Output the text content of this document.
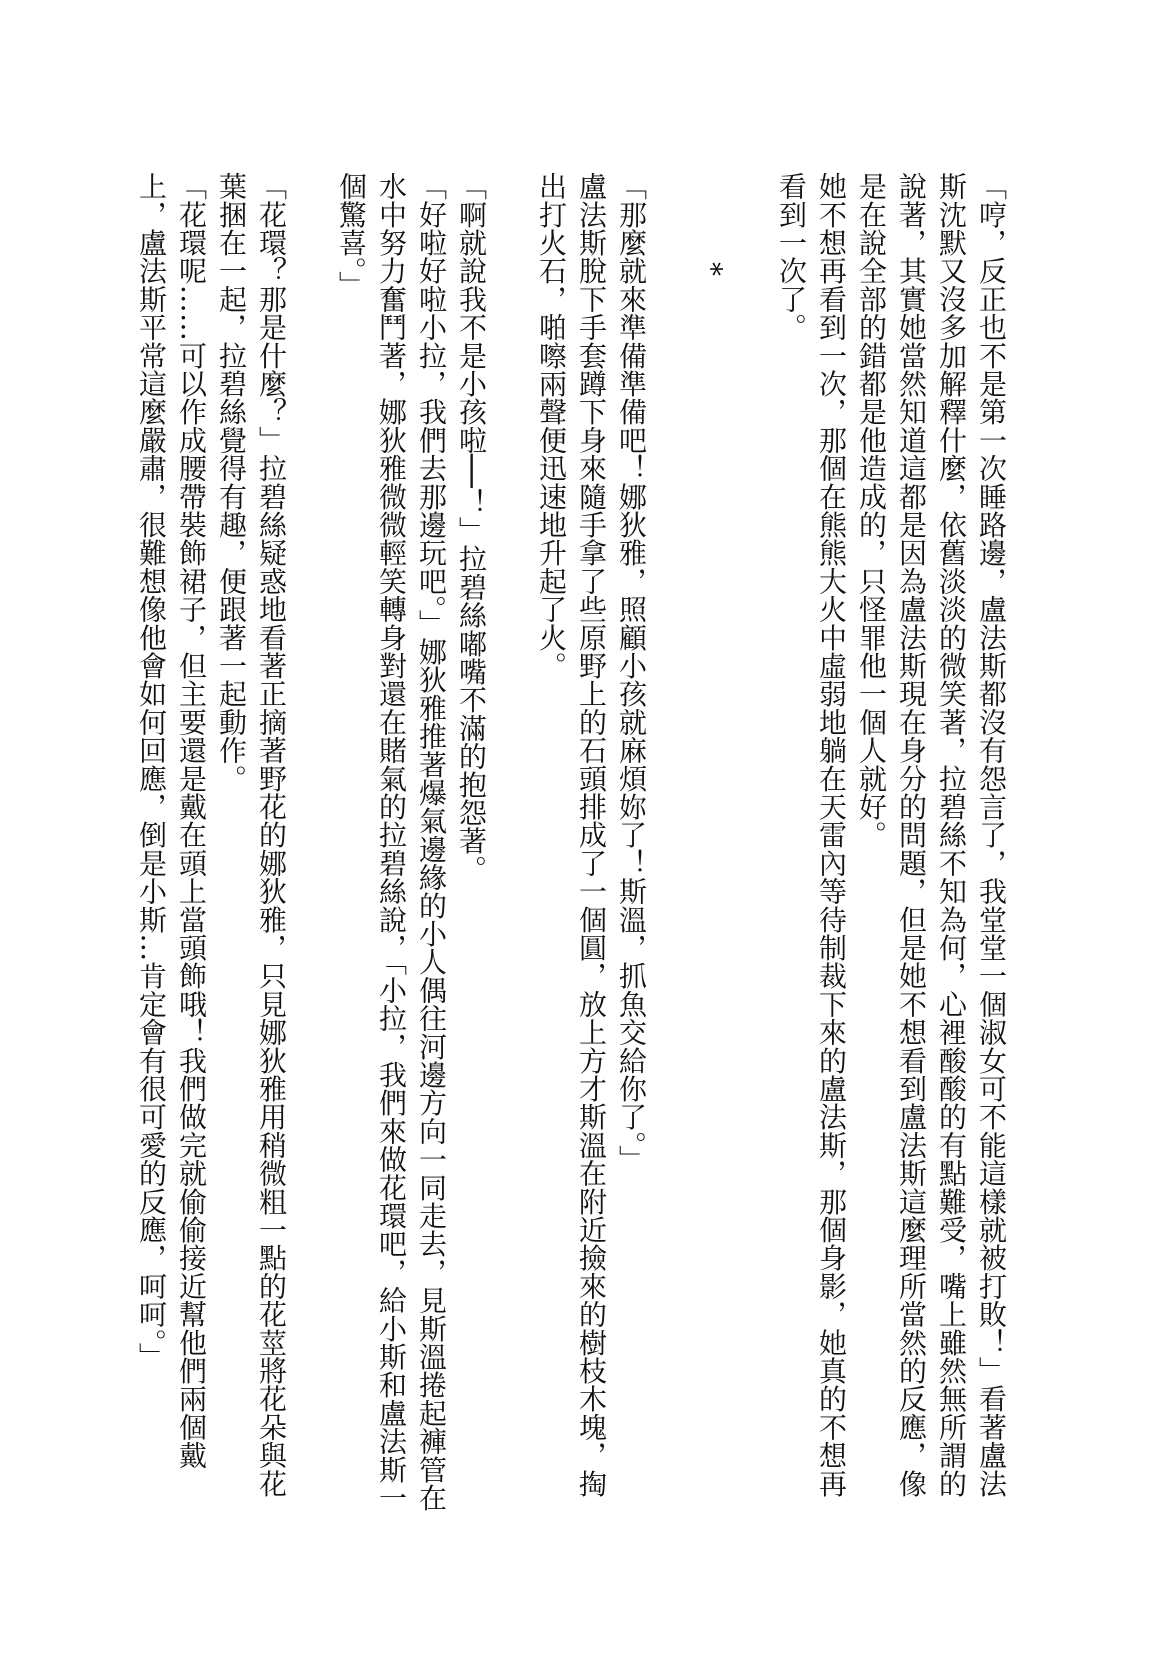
「哼，反正也不是第一次睡路邊，盧法斯都沒有怨言了，我堂堂一個淑女可不能這樣就被打敗！」看著盧法斯沈默又沒多加解釋什麼，依舊淡淡的微笑著，拉碧絲不知為何，心裡酸酸的有點難受，嘴上雖然無所謂的說著，其實她當然知道這都是因為盧法斯現在身分的問題，但是她不想看到盧法斯這麼理所當然的反應，像是在說全部的錯都是他造成的，只怪罪他一個人就好。

她不想再看到一次，那個在熊熊大火中虛弱地躺在天雷內等待制裁下來的盧法斯，那個身影，她真的不想再看到一次了。

*

「那麼就來準備準備吧！娜狄雅，照顧小孩就麻煩妳了！斯溫，抓魚交給你了。」

盧法斯脫下手套蹲下身來隨手拿了些原野上的石頭排成了一個圓，放上方才斯溫在附近撿來的樹枝木塊，掏出打火石，啪嚓兩聲便迅速地升起了火。

「啊就說我不是小孩啦──！」拉碧絲嘟嘴不滿的抱怨著。

「好啦好啦小拉，我們去那邊玩吧。」娜狄雅推著爆氣邊緣的小人偶往河邊方向一同走去，見斯溫捲起褲管在水中努力奮鬥著，娜狄雅微微輕笑轉身對還在賭氣的拉碧絲說，「小拉，我們來做花環吧，給小斯和盧法斯一個驚喜。」

「花環？那是什麼？」拉碧絲疑惑地看著正摘著野花的娜狄雅，只見娜狄雅用稍微粗一點的花莖將花朵與花葉捆在一起，拉碧絲覺得有趣，便跟著一起動作。

「花環呢……可以作成腰帶裝飾裙子，但主要還是戴在頭上當頭飾哦！我們做完就偷偷接近幫他們兩個戴上，盧法斯平常這麼嚴肅，很難想像他會如何回應，倒是小斯…肯定會有很可愛的反應，呵呵。」
